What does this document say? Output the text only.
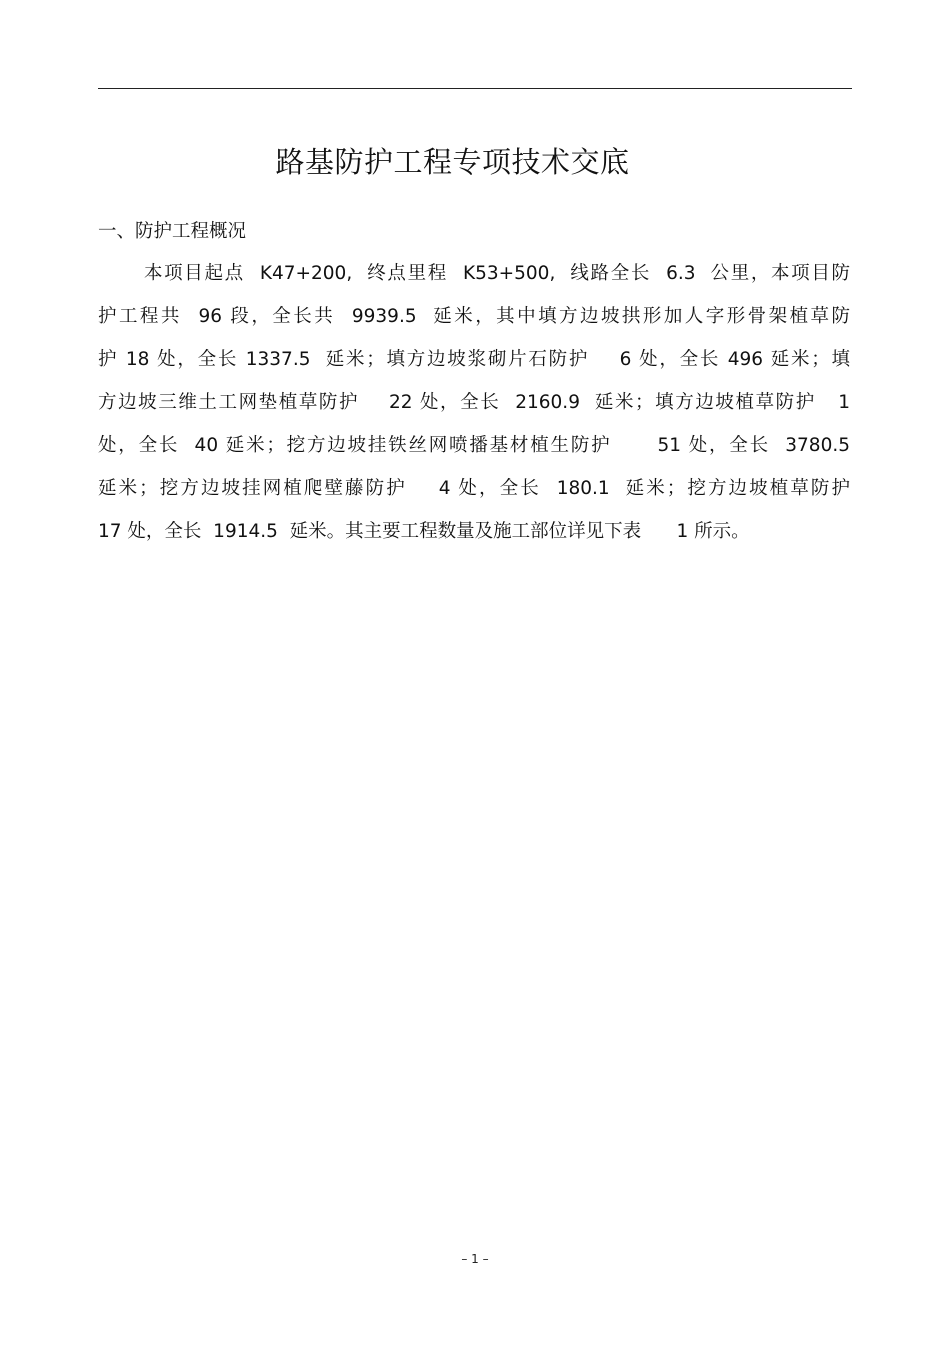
路基防护工程专项技术交底
一、防护工程概况
本项目起点  K47+200,  终点里程  K53+500,  线路全长  6.3  公里，本项目防
护工程共  96 段，全长共  9939.5  延米，其中填方边坡拱形加人字形骨架植草防
护 18 处，全长 1337.5  延米；填方边坡浆砌片石防护    6 处，全长 496 延米；填
方边坡三维土工网垫植草防护    22 处，全长  2160.9  延米；填方边坡植草防护   1
处，全长  40 延米；挖方边坡挂铁丝网喷播基材植生防护      51 处，全长  3780.5
延米；挖方边坡挂网植爬壁藤防护    4 处，全长  180.1  延米；挖方边坡植草防护
17 处，全长  1914.5  延米。其主要工程数量及施工部位详见下表      1 所示。
– 1 –
